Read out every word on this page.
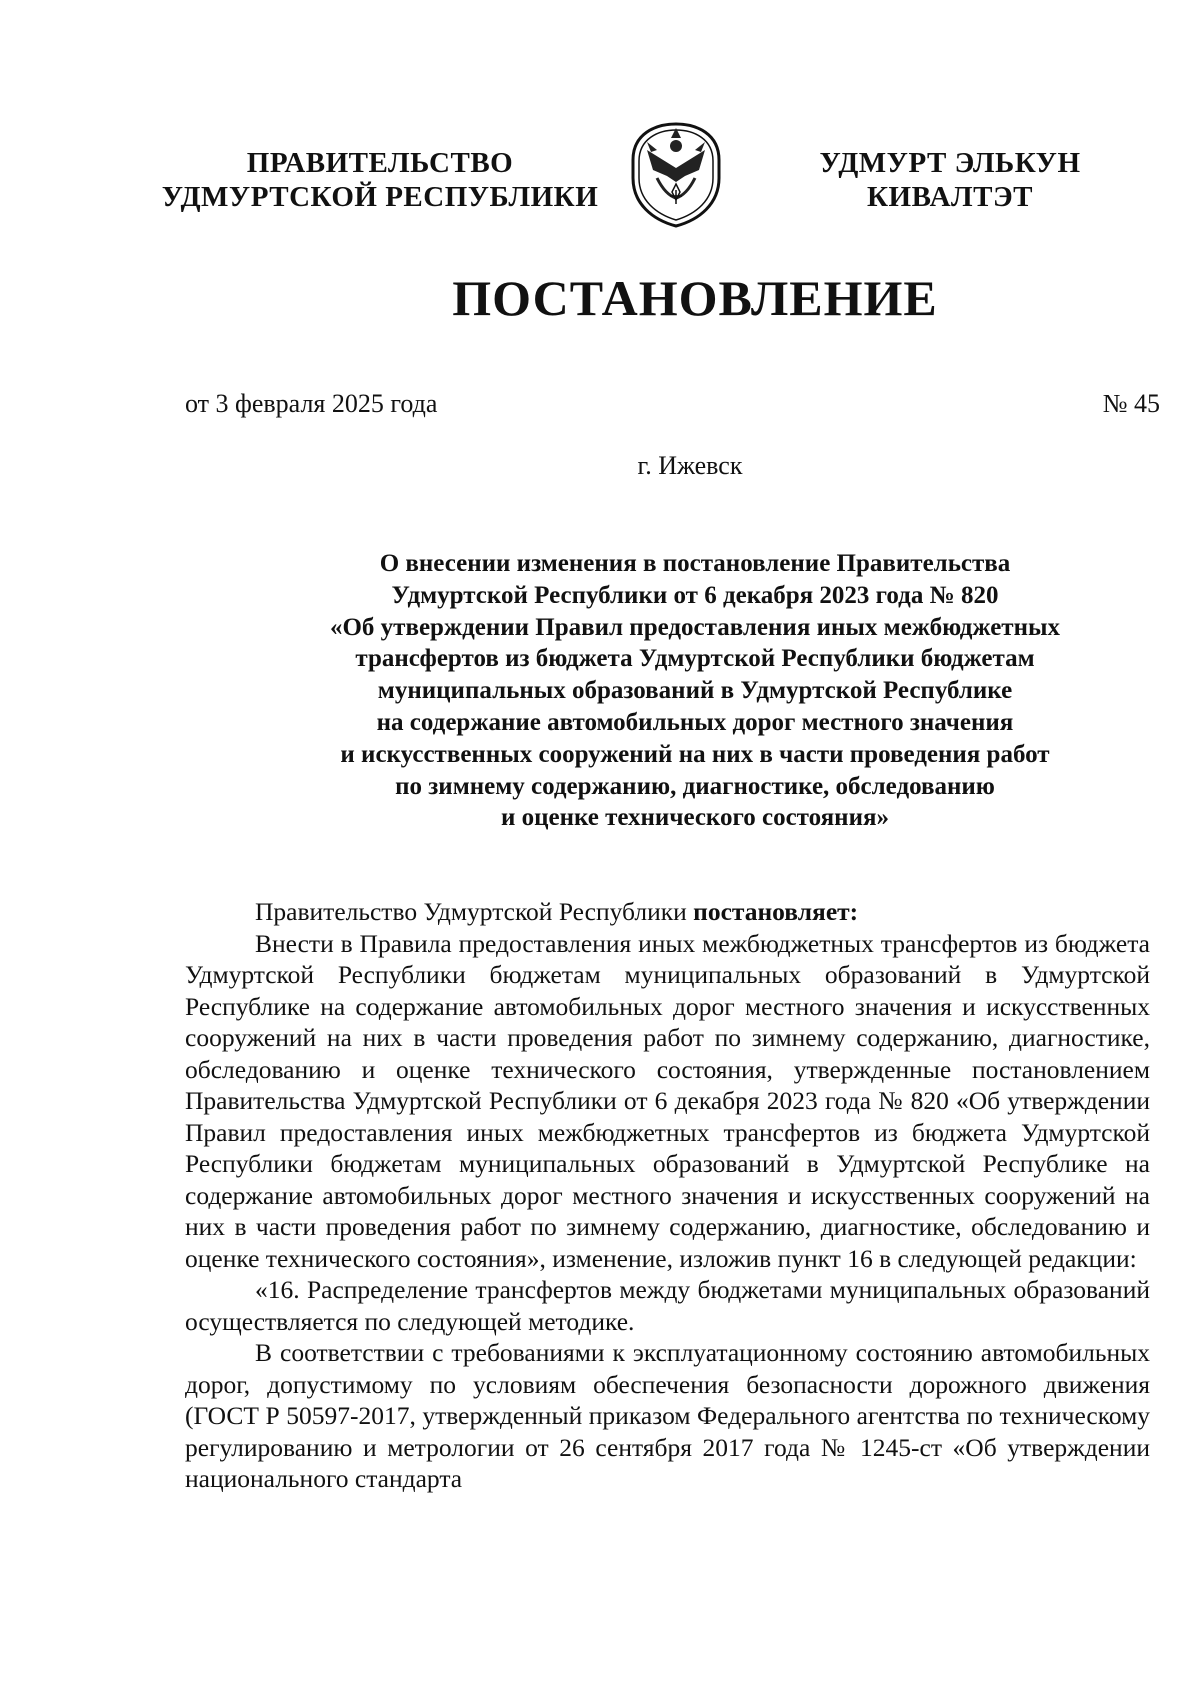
ПРАВИТЕЛЬСТВО
УДМУРТСКОЙ РЕСПУБЛИКИ
УДМУРТ ЭЛЬКУН
КИВАЛТЭТ
ПОСТАНОВЛЕНИЕ
от 3 февраля 2025 года	№ 45
г. Ижевск
О внесении изменения в постановление Правительства
Удмуртской Республики от 6 декабря 2023 года № 820
«Об утверждении Правил предоставления иных межбюджетных
трансфертов из бюджета Удмуртской Республики бюджетам
муниципальных образований в Удмуртской Республике
на содержание автомобильных дорог местного значения
и искусственных сооружений на них в части проведения работ
по зимнему содержанию, диагностике, обследованию
и оценке технического состояния»

Правительство Удмуртской Республики постановляет:

Внести в Правила предоставления иных межбюджетных трансфертов из бюджета Удмуртской Республики бюджетам муниципальных образований в Удмуртской Республике на содержание автомобильных дорог местного значения и искусственных сооружений на них в части проведения работ по зимнему содержанию, диагностике, обследованию и оценке технического состояния, утвержденные постановлением Правительства Удмуртской Республики от 6 декабря 2023 года № 820 «Об утверждении Правил предоставления иных межбюджетных трансфертов из бюджета Удмуртской Республики бюджетам муниципальных образований в Удмуртской Республике на содержание автомобильных дорог местного значения и искусственных сооружений на них в части проведения работ по зимнему содержанию, диагностике, обследованию и оценке технического состояния», изменение, изложив пункт 16 в следующей редакции:

«16. Распределение трансфертов между бюджетами муниципальных образований осуществляется по следующей методике.

В соответствии с требованиями к эксплуатационному состоянию автомобильных дорог, допустимому по условиям обеспечения безопасности дорожного движения (ГОСТ Р 50597-2017, утвержденный приказом Федерального агентства по техническому регулированию и метрологии от 26 сентября 2017 года № 1245-ст «Об утверждении национального стандарта
